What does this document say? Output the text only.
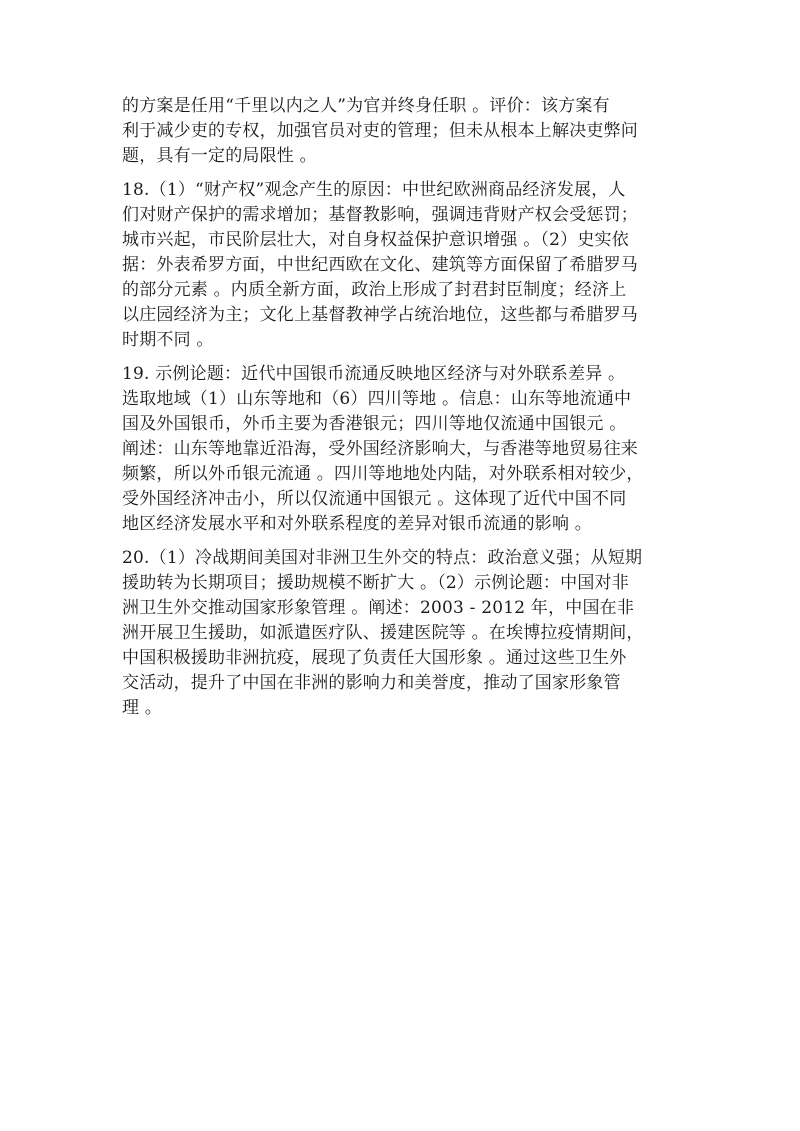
的方案是任用“千里以内之人”为官并终身任职 。评价：该方案有
利于减少吏的专权，加强官员对吏的管理；但未从根本上解决吏弊问
题，具有一定的局限性 。
18.（1）“财产权”观念产生的原因：中世纪欧洲商品经济发展，人
们对财产保护的需求增加；基督教影响，强调违背财产权会受惩罚；
城市兴起，市民阶层壮大，对自身权益保护意识增强 。（2）史实依
据：外表希罗方面，中世纪西欧在文化、建筑等方面保留了希腊罗马
的部分元素 。内质全新方面，政治上形成了封君封臣制度；经济上
以庄园经济为主；文化上基督教神学占统治地位，这些都与希腊罗马
时期不同 。
19. 示例论题：近代中国银币流通反映地区经济与对外联系差异 。
选取地域（1）山东等地和（6）四川等地 。信息：山东等地流通中
国及外国银币，外币主要为香港银元；四川等地仅流通中国银元 。
阐述：山东等地靠近沿海，受外国经济影响大，与香港等地贸易往来
频繁，所以外币银元流通 。四川等地地处内陆，对外联系相对较少，
受外国经济冲击小，所以仅流通中国银元 。这体现了近代中国不同
地区经济发展水平和对外联系程度的差异对银币流通的影响 。
20.（1）冷战期间美国对非洲卫生外交的特点：政治意义强；从短期
援助转为长期项目；援助规模不断扩大 。（2）示例论题：中国对非
洲卫生外交推动国家形象管理 。阐述：2003 - 2012 年，中国在非
洲开展卫生援助，如派遣医疗队、援建医院等 。在埃博拉疫情期间，
中国积极援助非洲抗疫，展现了负责任大国形象 。通过这些卫生外
交活动，提升了中国在非洲的影响力和美誉度，推动了国家形象管
理 。
